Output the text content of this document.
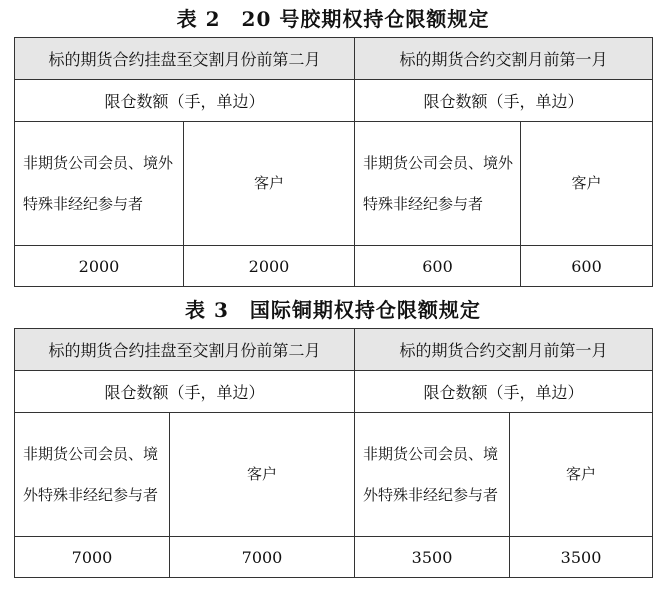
表 2　20 号胶期权持仓限额规定
标的期货合约挂盘至交割月份前第二月		标的期货合约交割月前第一月	
限仓数额（手，单边）		限仓数额（手，单边）	
非期货公司会员、境外特殊非经纪参与者	客户	非期货公司会员、境外特殊非经纪参与者	客户
2000	2000	600	600
表 3　国际铜期权持仓限额规定
标的期货合约挂盘至交割月份前第二月		标的期货合约交割月前第一月	
限仓数额（手，单边）		限仓数额（手，单边）	
非期货公司会员、境外特殊非经纪参与者	客户	非期货公司会员、境外特殊非经纪参与者	客户
7000	7000	3500	3500
